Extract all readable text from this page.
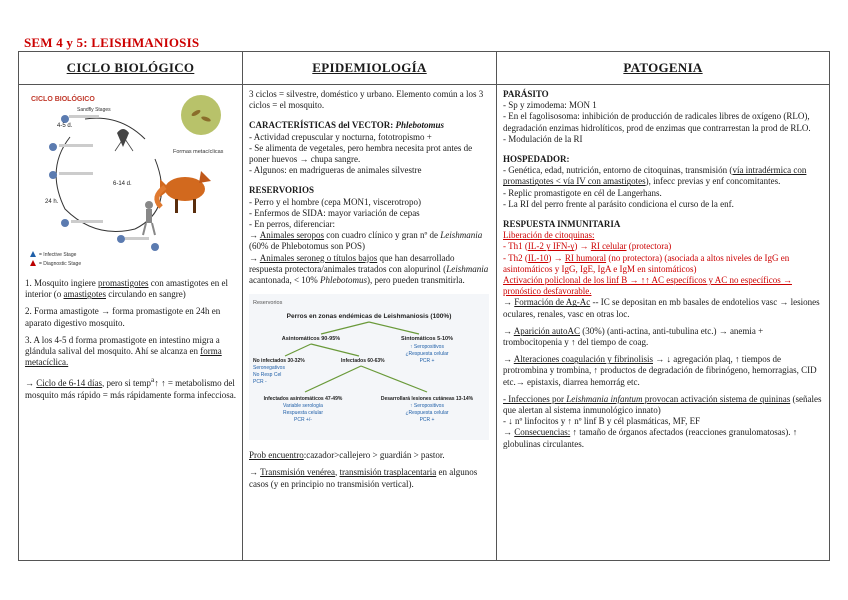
SEM 4 y 5: LEISHMANIOSIS
CICLO BIOLÓGICO
CICLO BIOLÓGICO
Sandfly Stages
Formas metacíclicas
4-5 d.
6-14 d.
24 h.
= Infective Stage
= Diagnostic Stage

1. Mosquito ingiere promastigotes con amastigotes en el interior (o amastigotes circulando en sangre)

2. Forma amastigote → forma promastigote en 24h en aparato digestivo mosquito.

3. A los 4-5 d forma promastigote en intestino migra a glándula salival del mosquito. Ahí se alcanza en forma metacíclica.

→ Ciclo de 6-14 días, pero si temp$^a$↑ ↑ = metabolismo del mosquito más rápido = más rápidamente forma infecciosa.

EPIDEMIOLOGÍA

3 ciclos = silvestre, doméstico y urbano. Elemento común a los 3 ciclos = el mosquito.

CARACTERÍSTICAS del VECTOR: Phlebotomus
- Actividad crepuscular y nocturna, fototropismo +
- Se alimenta de vegetales, pero hembra necesita prot antes de poner huevos → chupa sangre.
- Algunos: en madrigueras de animales silvestre
RESERVORIOS
- Perro y el hombre (cepa MON1, viscerotropo)
- Enfermos de SIDA: mayor variación de cepas
- En perros, diferenciar:
→ Animales seropos con cuadro clínico y gran nº de Leishmania (60% de Phlebotomus son POS)
→ Animales seroneg o títulos bajos que han desarrollado respuesta protectora/animales tratados con alopurinol (Leishmania acantonada, < 10% Phlebotomus), pero pueden transmitirla.
Reservorios
Perros en zonas endémicas de Leishmaniosis (100%)
Asintomáticos 90-95%	Sintomáticos 5-10%
↑ Seropositivos
¿Respuesta celular
PCR +
No infectados 30-32%
Seronegativos
No Resp Cel
PCR -
Infectados 60-63%
Infectados asintomáticos 47-49%
Variable serología
Respuesta celular
PCR +/-
Desarrollará lesiones cutáneas 13-14%
↑ Seropositivos
¿Respuesta celular
PCR +

Prob encuentro:cazador>callejero > guardián > pastor.

→ Transmisión venérea, transmisión trasplacentaria en algunos casos (y en principio no transmisión vertical).

PATOGENIA
PARÁSITO
- Sp y zimodema: MON 1
- En el fagolisosoma: inhibición de producción de radicales libres de oxígeno (RLO), degradación enzimas hidrolíticos, prod de enzimas que contrarrestan la prod de RLO.
- Modulación de la RI
HOSPEDADOR:
- Genética, edad, nutrición, entorno de citoquinas, transmisión (vía intradérmica con promastigotes < vía IV con amastigotes), infecc previas y enf concomitantes.
- Replic promastigote en cél de Langerhans.
- La RI del perro frente al parásito condiciona el curso de la enf.
RESPUESTA INMUNITARIA
Liberación de citoquinas:
- Th1 (IL-2 y IFN-γ) → RI celular (protectora)
- Th2 (IL-10) → RI humoral (no protectora) (asociada a altos niveles de IgG en asintomáticos y IgG, IgE, IgA e IgM en sintomáticos)
Activación policlonal de los linf B → ↑↑ AC específicos y AC no específicos → pronóstico desfavorable.

→ Formación de Ag-Ac -- IC se depositan en mb basales de endotelios vasc → lesiones oculares, renales, vasc en otras loc.

→ Aparición autoAC (30%) (anti-actina, anti-tubulina etc.) → anemia + trombocitopenia y ↑ del tiempo de coag.

→ Alteraciones coagulación y fibrinolisis → ↓ agregación plaq, ↑ tiempos de protrombina y trombina, ↑ productos de degradación de fibrinógeno, hemorragias, CID etc.→ epistaxis, diarrea hemorrág etc.

- Infecciones por Leishmania infantum provocan activación sistema de quininas (señales que alertan al sistema inmunológico innato)
- ↓ nº linfocitos y ↑ nº linf B y cél plasmáticas, MF, EF
→ Consecuencias: ↑ tamaño de órganos afectados (reacciones granulomatosas). ↑ globulinas circulantes.
